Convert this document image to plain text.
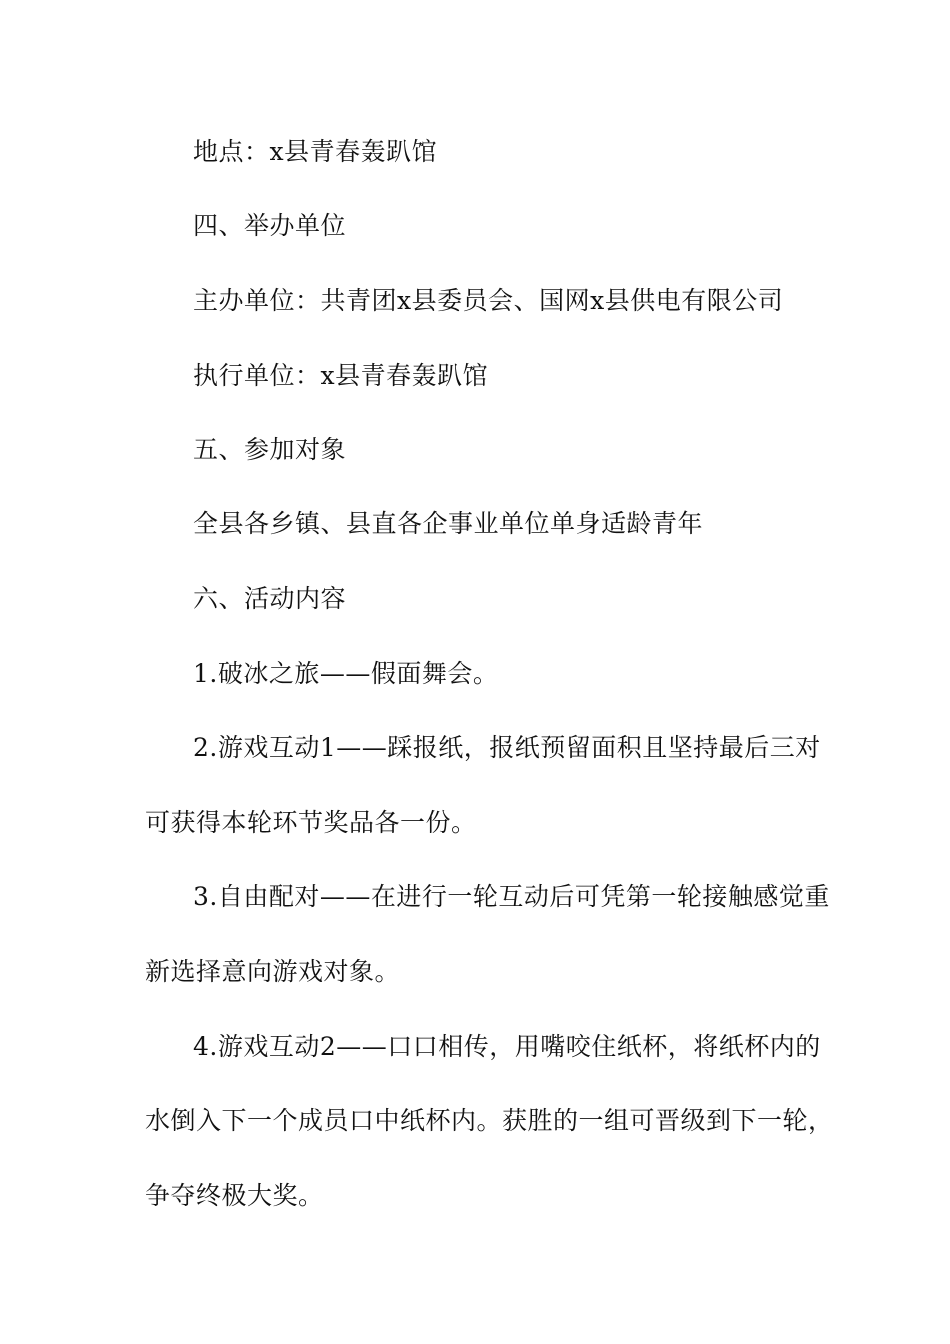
地点：x县青春轰趴馆
四、举办单位
主办单位：共青团x县委员会、国网x县供电有限公司
执行单位：x县青春轰趴馆
五、参加对象
全县各乡镇、县直各企事业单位单身适龄青年
六、活动内容
1.破冰之旅——假面舞会。
2.游戏互动1——踩报纸，报纸预留面积且坚持最后三对
可获得本轮环节奖品各一份。
3.自由配对——在进行一轮互动后可凭第一轮接触感觉重
新选择意向游戏对象。
4.游戏互动2——口口相传，用嘴咬住纸杯，将纸杯内的
水倒入下一个成员口中纸杯内。获胜的一组可晋级到下一轮，
争夺终极大奖。
